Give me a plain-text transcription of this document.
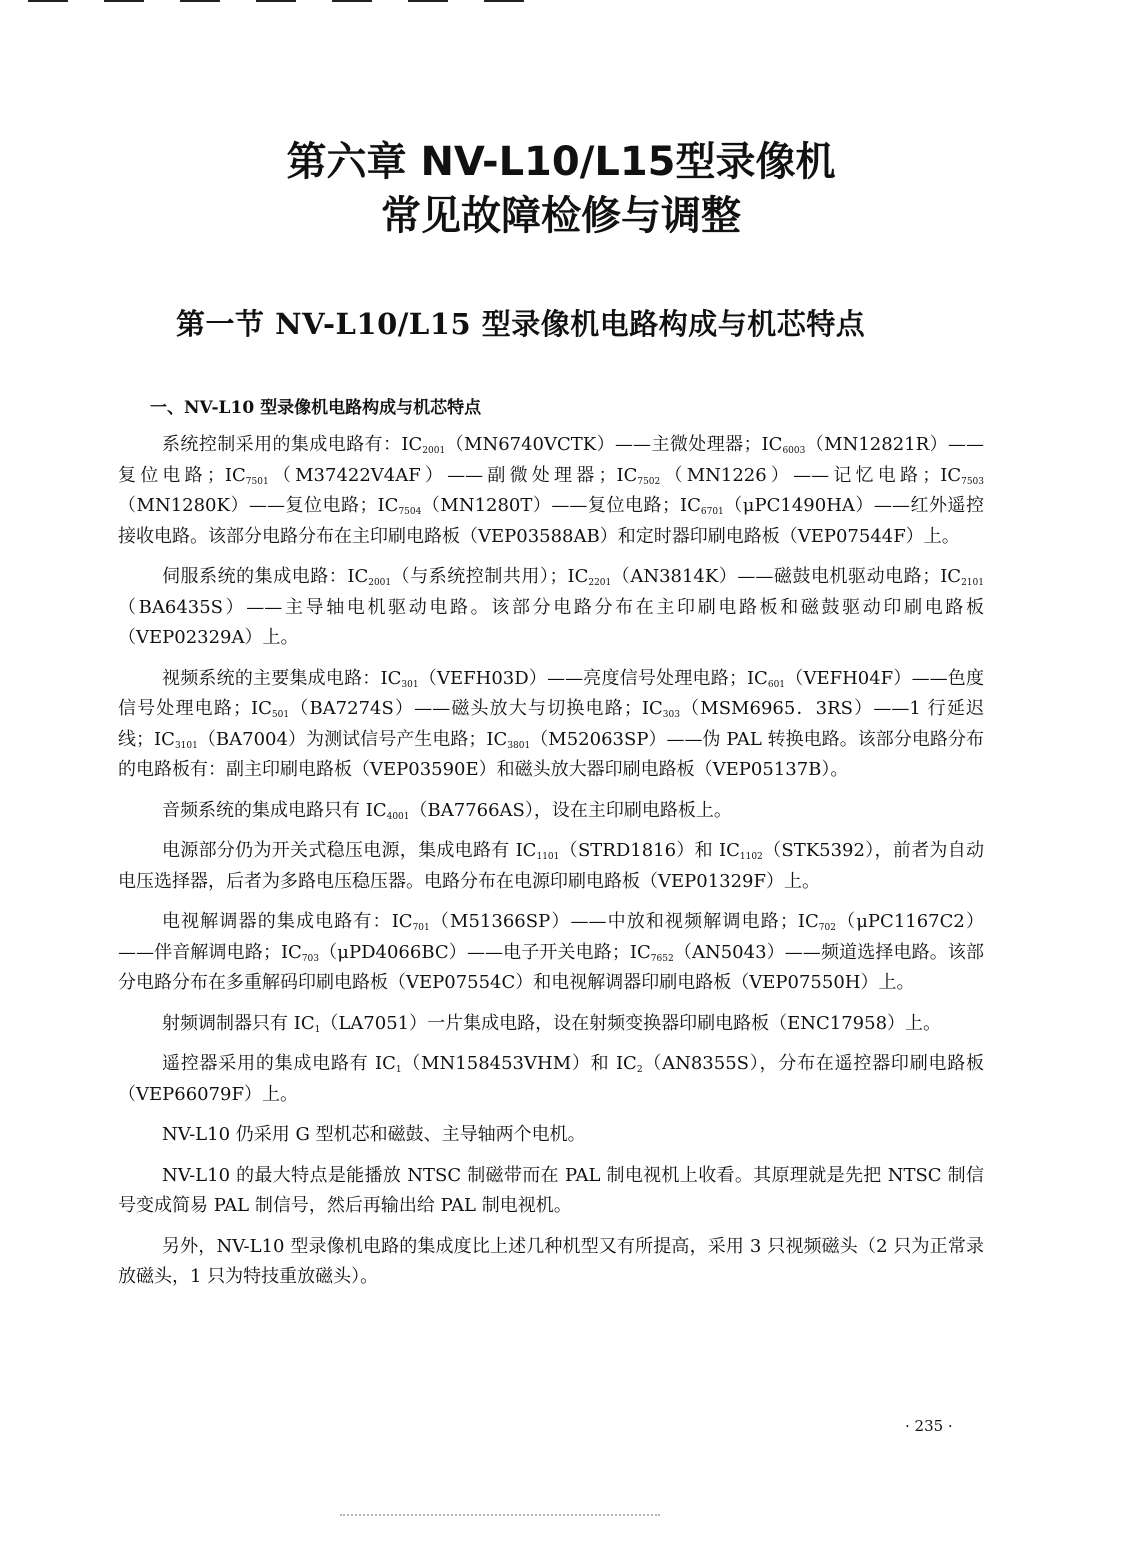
第六章 NV-L10/L15型录像机
常见故障检修与调整
第一节 NV-L10/L15 型录像机电路构成与机芯特点
一、NV-L10 型录像机电路构成与机芯特点

系统控制采用的集成电路有：$IC_{2001}(MN6740VCTK)——$主微处理器；$IC_{6003}(MN12821R)——$复位电路；$IC_{7501}(M37422V4AF)——$副微处理器；$IC_{7502}(MN1226)——$记忆电路；$IC_{7503}(MN1280K)——$复位电路；$IC_{7504}(MN1280T)——$复位电路；$IC_{6701}(\mu PC1490HA)——$红外遥控接收电路。该部分电路分布在主印刷电路板（VEP03588AB）和定时器印刷电路板（VEP07544F）上。

伺服系统的集成电路：$IC_{2001}$（与系统控制共用）；$IC_{2201}(AN3814K)——$磁鼓电机驱动电路；$IC_{2101}(BA6435S)——$主导轴电机驱动电路。该部分电路分布在主印刷电路板和磁鼓驱动印刷电路板（VEP02329A）上。

视频系统的主要集成电路：$IC_{301}(VEFH03D)——$亮度信号处理电路；$IC_{601}(VEFH04F)——$色度信号处理电路；$IC_{501}(BA7274S)——$磁头放大与切换电路；$IC_{303}(MSM6965$．3RS）——1 行延迟线；$IC_{3101}(BA7004)$为测试信号产生电路；$IC_{3801}(M52063SP)——$伪 PAL 转换电路。该部分电路分布的电路板有：副主印刷电路板（VEP03590E）和磁头放大器印刷电路板（VEP05137B）。

音频系统的集成电路只有 $IC_{4001}(BA7766AS)$，设在主印刷电路板上。

电源部分仍为开关式稳压电源，集成电路有 $IC_{1101}(STRD1816)$和 $IC_{1102}(STK5392)$，前者为自动电压选择器，后者为多路电压稳压器。电路分布在电源印刷电路板（VEP01329F）上。

电视解调器的集成电路有：$IC_{701}(M51366SP)——$中放和视频解调电路；$IC_{702}(\mu PC1167C2)——$伴音解调电路；$IC_{703}(\mu PD4066BC)——$电子开关电路；$IC_{7652}(AN5043)——$频道选择电路。该部分电路分布在多重解码印刷电路板（VEP07554C）和电视解调器印刷电路板（VEP07550H）上。

射频调制器只有 $IC_1(LA7051)$一片集成电路，设在射频变换器印刷电路板（ENC17958）上。

遥控器采用的集成电路有 $IC_1(MN158453VHM)$和 $IC_2(AN8355S)$，分布在遥控器印刷电路板（VEP66079F）上。

NV-L10 仍采用 G 型机芯和磁鼓、主导轴两个电机。

NV-L10 的最大特点是能播放 NTSC 制磁带而在 PAL 制电视机上收看。其原理就是先把 NTSC 制信号变成简易 PAL 制信号，然后再输出给 PAL 制电视机。

另外，NV-L10 型录像机电路的集成度比上述几种机型又有所提高，采用 3 只视频磁头（2 只为正常录放磁头，1 只为特技重放磁头）。

· 235 ·
